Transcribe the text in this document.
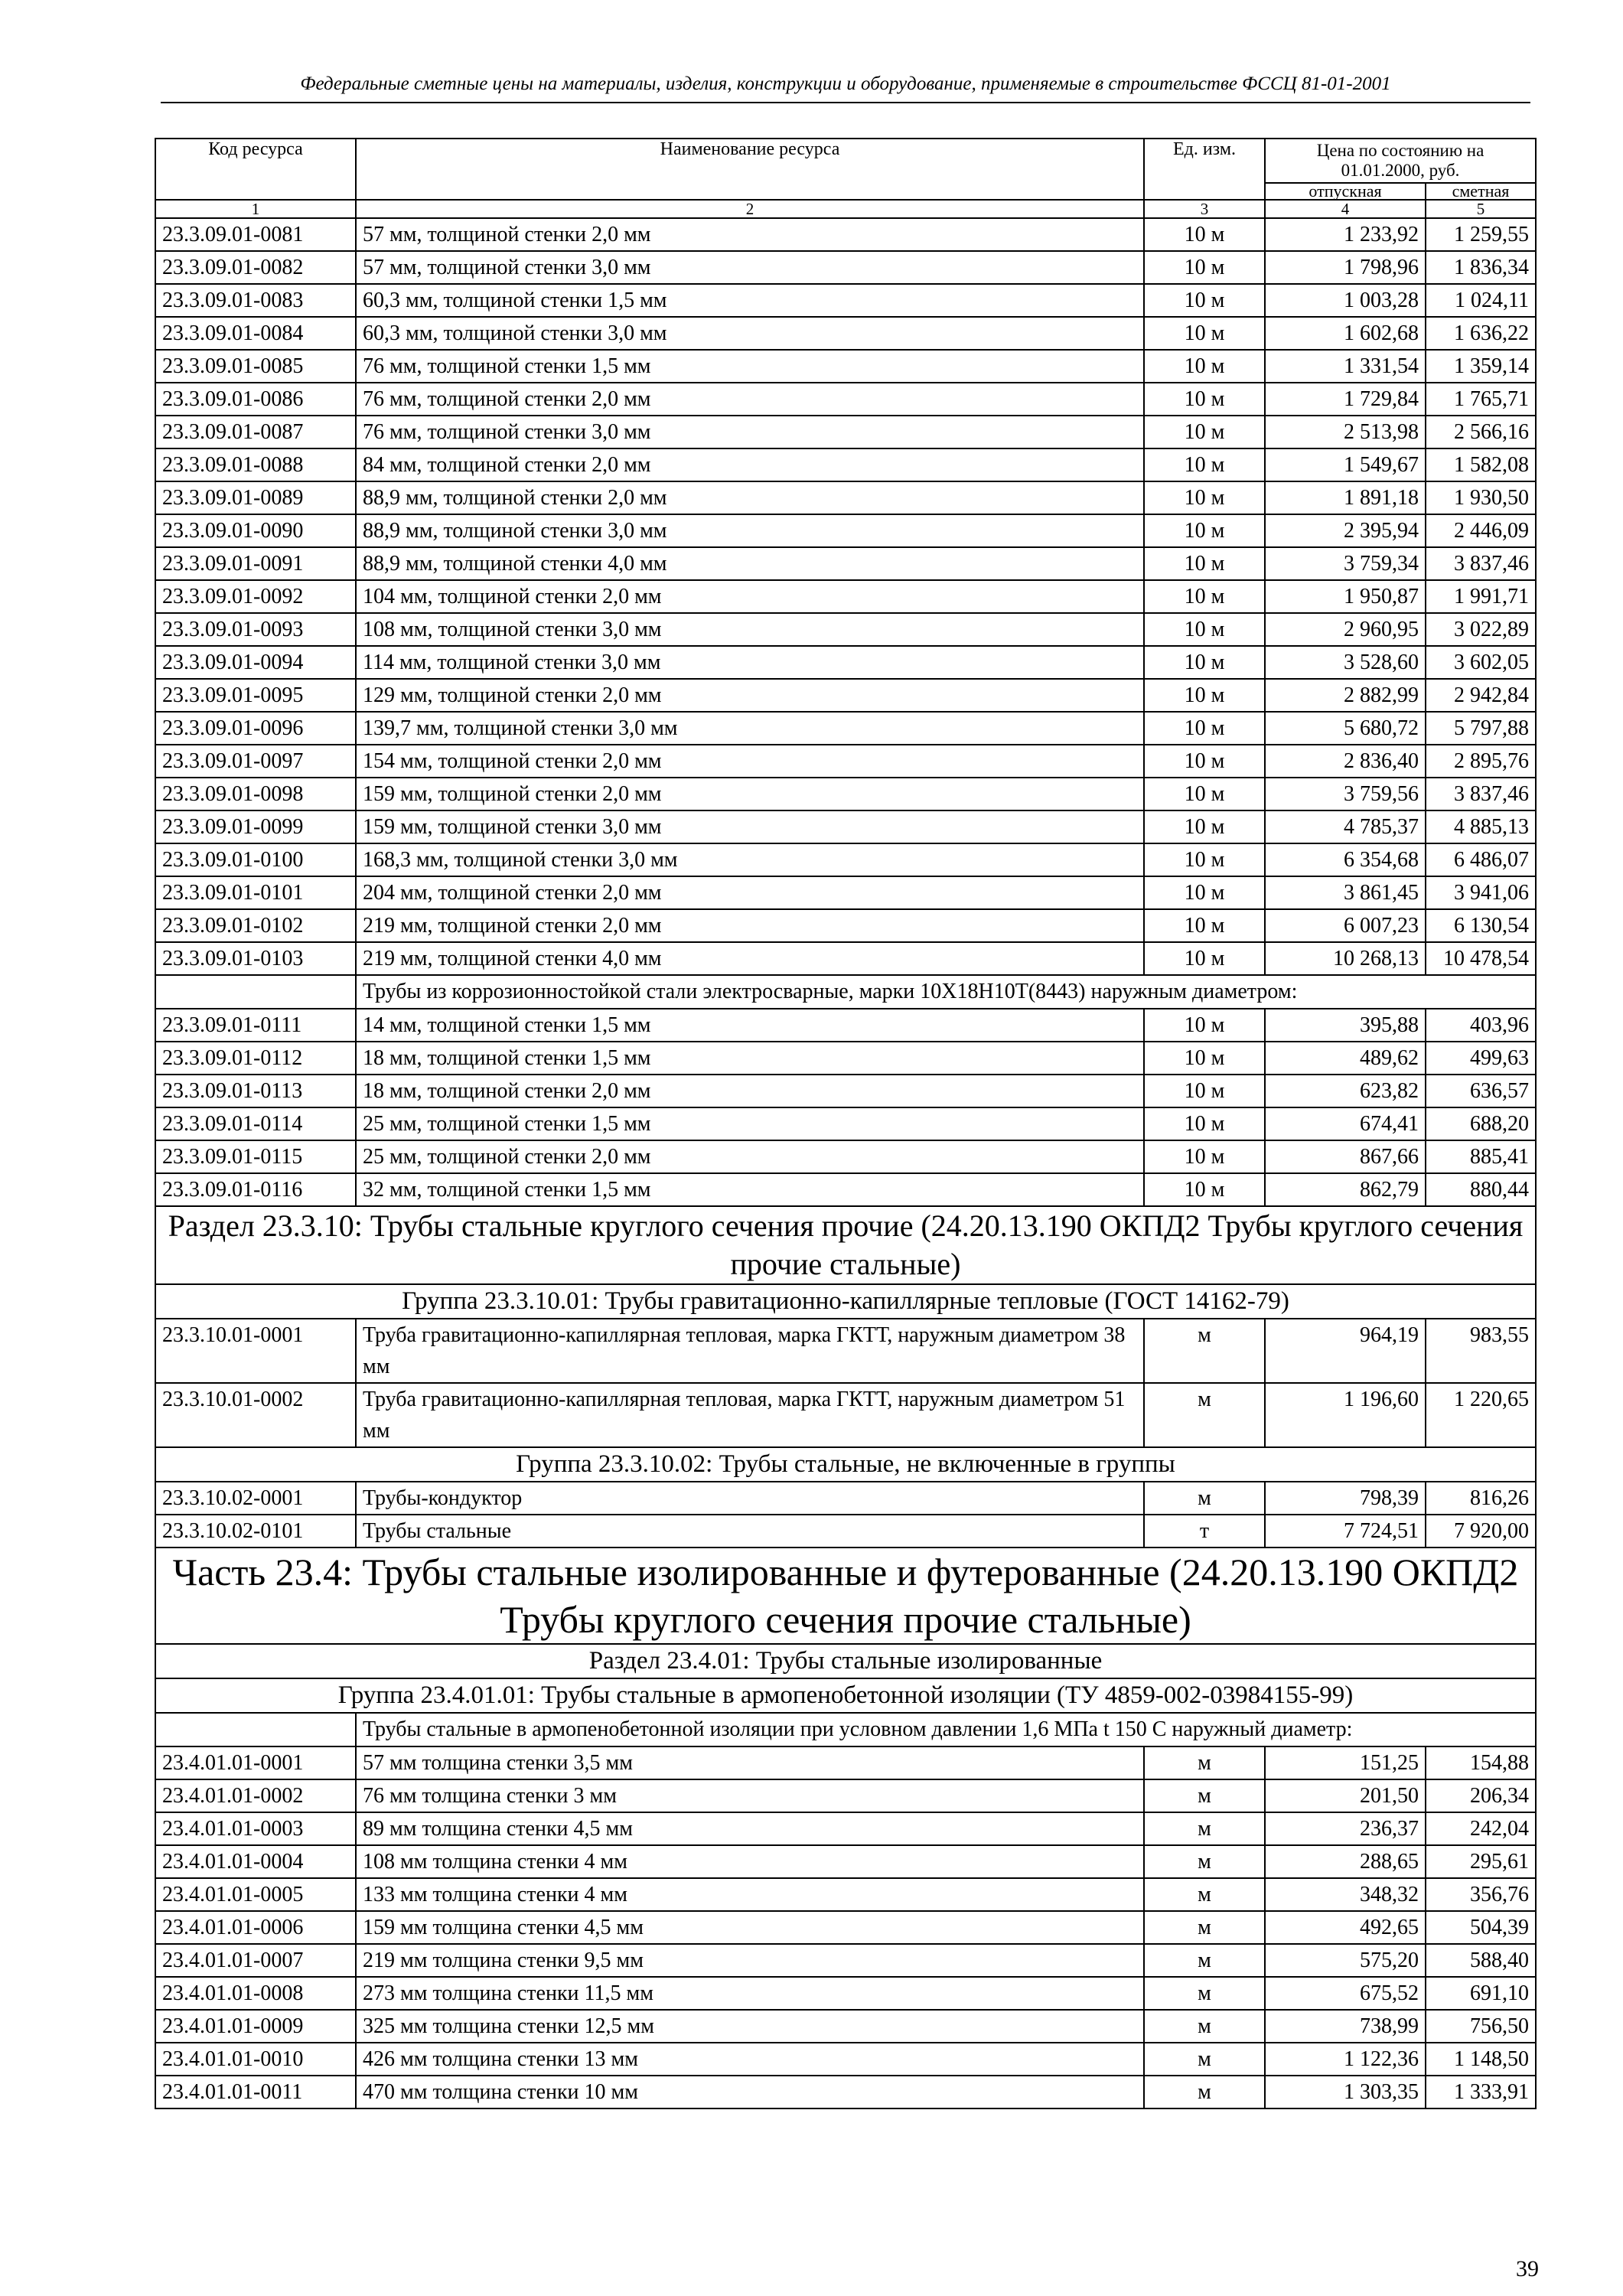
Федеральные сметные цены на материалы, изделия, конструкции и оборудование, применяемые в строительстве ФССЦ 81-01-2001
Код ресурса	Наименование ресурса	Ед. изм.	Цена по состоянию на 01.01.2000, руб.	
			отпускная	сметная
1	2	3	4	5
23.3.09.01-0081	57 мм, толщиной стенки 2,0 мм	10 м	1 233,92	1 259,55
23.3.09.01-0082	57 мм, толщиной стенки 3,0 мм	10 м	1 798,96	1 836,34
23.3.09.01-0083	60,3 мм, толщиной стенки 1,5 мм	10 м	1 003,28	1 024,11
23.3.09.01-0084	60,3 мм, толщиной стенки 3,0 мм	10 м	1 602,68	1 636,22
23.3.09.01-0085	76 мм, толщиной стенки 1,5 мм	10 м	1 331,54	1 359,14
23.3.09.01-0086	76 мм, толщиной стенки 2,0 мм	10 м	1 729,84	1 765,71
23.3.09.01-0087	76 мм, толщиной стенки 3,0 мм	10 м	2 513,98	2 566,16
23.3.09.01-0088	84 мм, толщиной стенки 2,0 мм	10 м	1 549,67	1 582,08
23.3.09.01-0089	88,9 мм, толщиной стенки 2,0 мм	10 м	1 891,18	1 930,50
23.3.09.01-0090	88,9 мм, толщиной стенки 3,0 мм	10 м	2 395,94	2 446,09
23.3.09.01-0091	88,9 мм, толщиной стенки 4,0 мм	10 м	3 759,34	3 837,46
23.3.09.01-0092	104 мм, толщиной стенки 2,0 мм	10 м	1 950,87	1 991,71
23.3.09.01-0093	108 мм, толщиной стенки 3,0 мм	10 м	2 960,95	3 022,89
23.3.09.01-0094	114 мм, толщиной стенки 3,0 мм	10 м	3 528,60	3 602,05
23.3.09.01-0095	129 мм, толщиной стенки 2,0 мм	10 м	2 882,99	2 942,84
23.3.09.01-0096	139,7 мм, толщиной стенки 3,0 мм	10 м	5 680,72	5 797,88
23.3.09.01-0097	154 мм, толщиной стенки 2,0 мм	10 м	2 836,40	2 895,76
23.3.09.01-0098	159 мм, толщиной стенки 2,0 мм	10 м	3 759,56	3 837,46
23.3.09.01-0099	159 мм, толщиной стенки 3,0 мм	10 м	4 785,37	4 885,13
23.3.09.01-0100	168,3 мм, толщиной стенки 3,0 мм	10 м	6 354,68	6 486,07
23.3.09.01-0101	204 мм, толщиной стенки 2,0 мм	10 м	3 861,45	3 941,06
23.3.09.01-0102	219 мм, толщиной стенки 2,0 мм	10 м	6 007,23	6 130,54
23.3.09.01-0103	219 мм, толщиной стенки 4,0 мм	10 м	10 268,13	10 478,54
	Трубы из коррозионностойкой стали электросварные, марки 10Х18Н10Т(8443) наружным диаметром:			
23.3.09.01-0111	14 мм, толщиной стенки 1,5 мм	10 м	395,88	403,96
23.3.09.01-0112	18 мм, толщиной стенки 1,5 мм	10 м	489,62	499,63
23.3.09.01-0113	18 мм, толщиной стенки 2,0 мм	10 м	623,82	636,57
23.3.09.01-0114	25 мм, толщиной стенки 1,5 мм	10 м	674,41	688,20
23.3.09.01-0115	25 мм, толщиной стенки 2,0 мм	10 м	867,66	885,41
23.3.09.01-0116	32 мм, толщиной стенки 1,5 мм	10 м	862,79	880,44
Раздел 23.3.10: Трубы стальные круглого сечения прочие (24.20.13.190 ОКПД2 Трубы круглого сечения прочие стальные)				
Группа 23.3.10.01: Трубы гравитационно-капиллярные тепловые (ГОСТ 14162-79)				
23.3.10.01-0001	Труба гравитационно-капиллярная тепловая, марка ГКТТ, наружным диаметром 38 мм	м	964,19	983,55
23.3.10.01-0002	Труба гравитационно-капиллярная тепловая, марка ГКТТ, наружным диаметром 51 мм	м	1 196,60	1 220,65
Группа 23.3.10.02: Трубы стальные, не включенные в группы				
23.3.10.02-0001	Трубы-кондуктор	м	798,39	816,26
23.3.10.02-0101	Трубы стальные	т	7 724,51	7 920,00
Часть 23.4: Трубы стальные изолированные и футерованные (24.20.13.190 ОКПД2 Трубы круглого сечения прочие стальные)				
Раздел 23.4.01: Трубы стальные изолированные				
Группа 23.4.01.01: Трубы стальные в армопенобетонной изоляции (ТУ 4859-002-03984155-99)				
	Трубы стальные в армопенобетонной изоляции при условном давлении 1,6 МПа t 150 С наружный диаметр:			
23.4.01.01-0001	57 мм толщина стенки 3,5 мм	м	151,25	154,88
23.4.01.01-0002	76 мм толщина стенки 3 мм	м	201,50	206,34
23.4.01.01-0003	89 мм толщина стенки 4,5 мм	м	236,37	242,04
23.4.01.01-0004	108 мм толщина стенки 4 мм	м	288,65	295,61
23.4.01.01-0005	133 мм толщина стенки 4 мм	м	348,32	356,76
23.4.01.01-0006	159 мм толщина стенки 4,5 мм	м	492,65	504,39
23.4.01.01-0007	219 мм толщина стенки 9,5 мм	м	575,20	588,40
23.4.01.01-0008	273 мм толщина стенки 11,5 мм	м	675,52	691,10
23.4.01.01-0009	325 мм толщина стенки 12,5 мм	м	738,99	756,50
23.4.01.01-0010	426 мм толщина стенки 13 мм	м	1 122,36	1 148,50
23.4.01.01-0011	470 мм толщина стенки 10 мм	м	1 303,35	1 333,91
39
